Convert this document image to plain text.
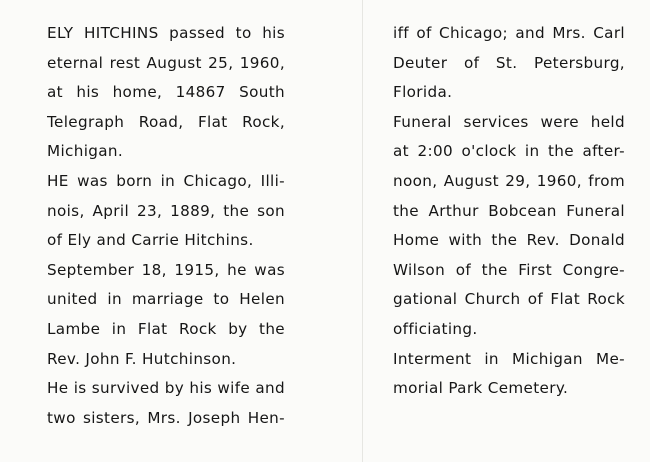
ELY HITCHINS passed to his
eternal rest August 25, 1960,
at his home, 14867 South
Telegraph Road, Flat Rock,
Michigan.
HE was born in Chicago, Illi-
nois, April 23, 1889, the son
of Ely and Carrie Hitchins.
September 18, 1915, he was
united in marriage to Helen
Lambe in Flat Rock by the
Rev. John F. Hutchinson.
He is survived by his wife and
two sisters, Mrs. Joseph Hen-
iff of Chicago; and Mrs. Carl
Deuter of St. Petersburg,
Florida.
Funeral services were held
at 2:00 o'clock in the after-
noon, August 29, 1960, from
the Arthur Bobcean Funeral
Home with the Rev. Donald
Wilson of the First Congre-
gational Church of Flat Rock
officiating.
Interment in Michigan Me-
morial Park Cemetery.
